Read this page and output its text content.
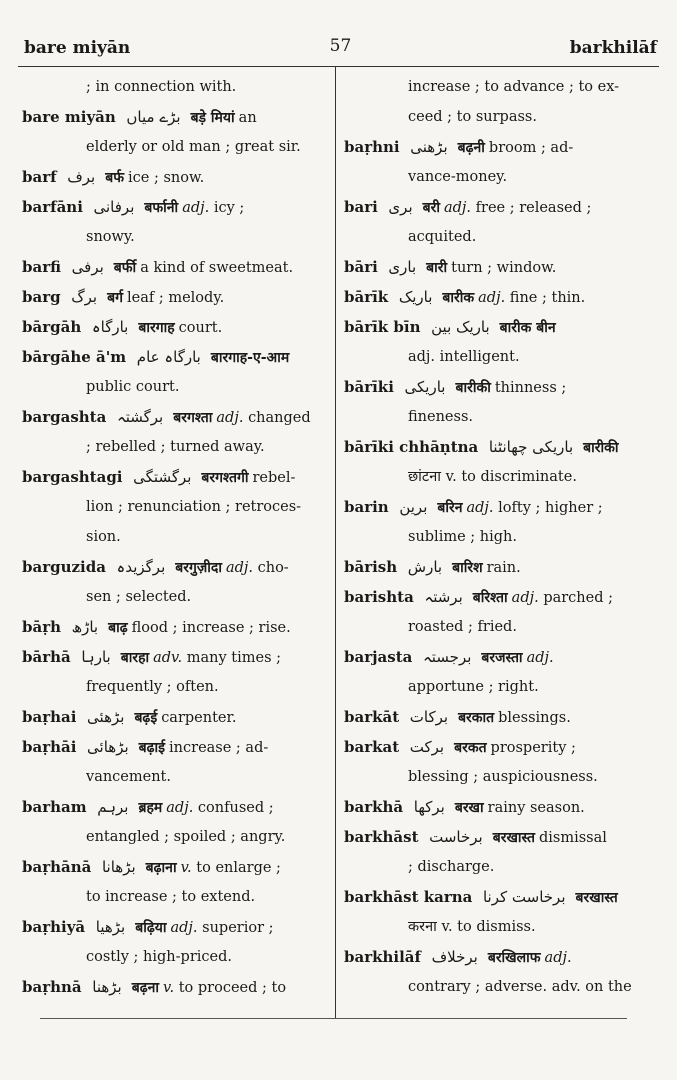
bare miyān	57	barkhilāf
; in connection with.
bare miyān بڑے میاں बड़े मियां an
elderly or old man ; great sir.
barf برف बर्फ ice ; snow.
barfāni برفانی बर्फानी adj. icy ;
snowy.
barfi برفی बर्फी a kind of sweetmeat.
barg برگ बर्ग leaf ; melody.
bārgāh بارگاہ बारगाह court.
bārgāhe ā'm بارگاہ عام बारगाह-ए-आम
public court.
bargashta برگشتہ बरगश्ता adj. changed
; rebelled ; turned away.
bargashtagi برگشتگی बरगश्तगी rebel-
lion ; renunciation ; retroces-
sion.
barguzida برگزیدہ बरगुज़ीदा adj. cho-
sen ; selected.
bāṛh باڑھ बाढ़ flood ; increase ; rise.
bārhā بارہا बारहा adv. many times ;
frequently ; often.
baṛhai بڑھئی बढ़ई carpenter.
baṛhāi بڑھائی बढ़ाई increase ; ad-
vancement.
barham برہم ब्रहम adj. confused ;
entangled ; spoiled ; angry.
baṛhānā بڑھانا बढ़ाना v. to enlarge ;
to increase ; to extend.
baṛhiyā بڑھیا बढ़िया adj. superior ;
costly ; high-priced.
baṛhnā بڑھنا बढ़ना v. to proceed ; to
increase ; to advance ; to ex-
ceed ; to surpass.
baṛhni بڑھنی बढ़नी broom ; ad-
vance-money.
bari بری बरी adj. free ; released ;
acquited.
bāri باری बारी turn ; window.
bārīk باریک बारीक adj. fine ; thin.
bārīk bīn باریک بین बारीक बीन
adj. intelligent.
bārīki باریکی बारीकी thinness ;
fineness.
bārīki chhāṇtna باریکی چھانٹنا बारीकी
छांटना v. to discriminate.
barin برین बरिन adj. lofty ; higher ;
sublime ; high.
bārish بارش बारिश rain.
barishta برشتہ बरिश्ता adj. parched ;
roasted ; fried.
barjasta برجستہ बरजस्ता adj.
apportune ; right.
barkāt برکات बरकात blessings.
barkat برکت बरकत prosperity ;
blessing ; auspiciousness.
barkhā برکھا बरखा rainy season.
barkhāst برخاست बरखास्त dismissal
; discharge.
barkhāst karna برخاست کرنا बरखास्त
करना v. to dismiss.
barkhilāf برخلاف बरखिलाफ adj.
contrary ; adverse. adv. on the
